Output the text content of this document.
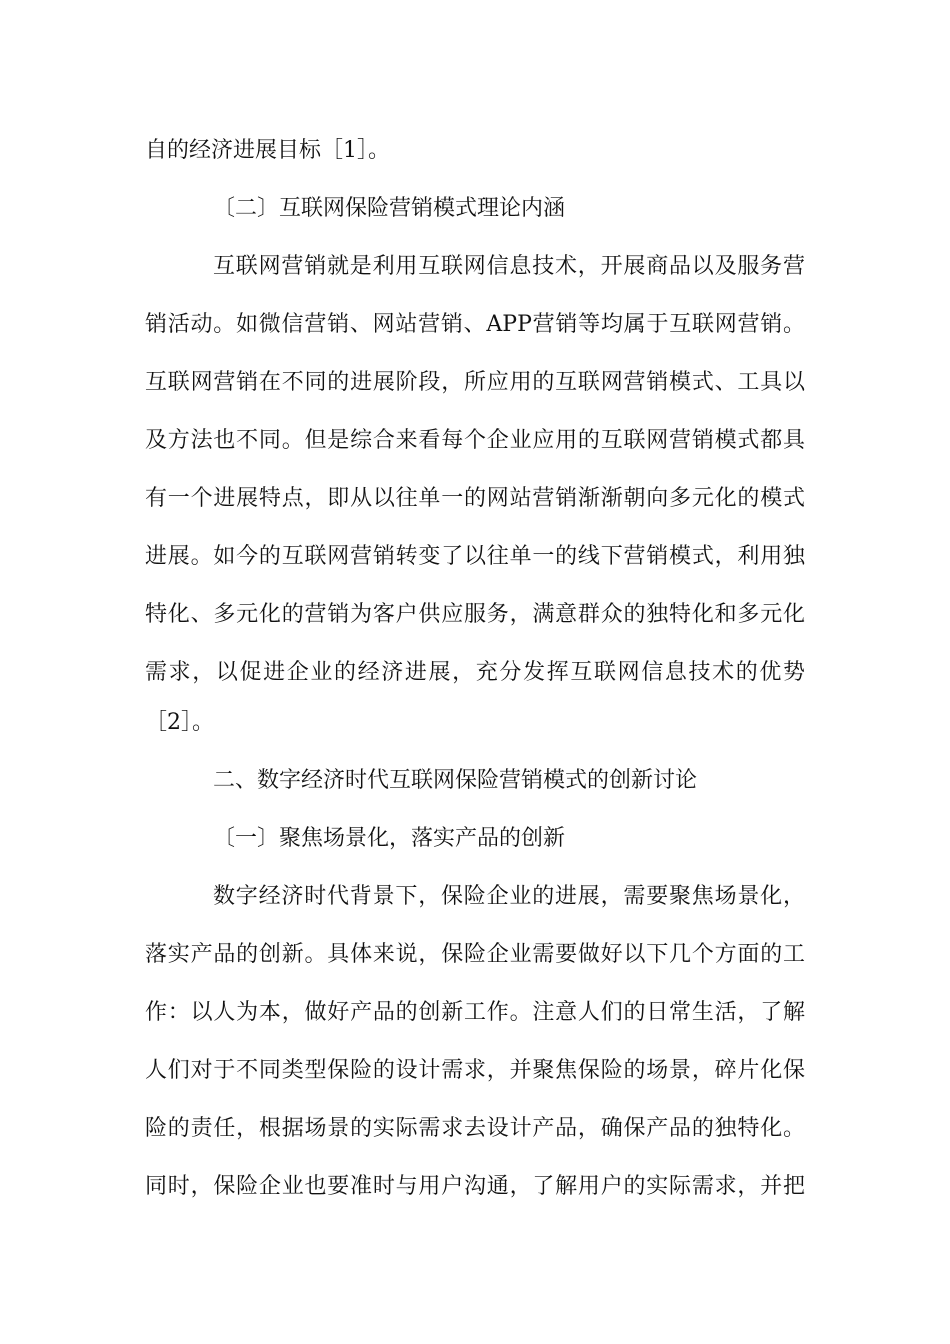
自的经济进展目标［1］。

〔二〕互联网保险营销模式理论内涵

互联网营销就是利用互联网信息技术，开展商品以及服务营

销活动。如微信营销、网站营销、APP营销等均属于互联网营销。

互联网营销在不同的进展阶段，所应用的互联网营销模式、工具以

及方法也不同。但是综合来看每个企业应用的互联网营销模式都具

有一个进展特点，即从以往单一的网站营销渐渐朝向多元化的模式

进展。如今的互联网营销转变了以往单一的线下营销模式，利用独

特化、多元化的营销为客户供应服务，满意群众的独特化和多元化

需求，以促进企业的经济进展，充分发挥互联网信息技术的优势

［2］。

二、数字经济时代互联网保险营销模式的创新讨论

〔一〕聚焦场景化，落实产品的创新

数字经济时代背景下，保险企业的进展，需要聚焦场景化，

落实产品的创新。具体来说，保险企业需要做好以下几个方面的工

作：以人为本，做好产品的创新工作。注意人们的日常生活，了解

人们对于不同类型保险的设计需求，并聚焦保险的场景，碎片化保

险的责任，根据场景的实际需求去设计产品，确保产品的独特化。

同时，保险企业也要准时与用户沟通，了解用户的实际需求，并把
